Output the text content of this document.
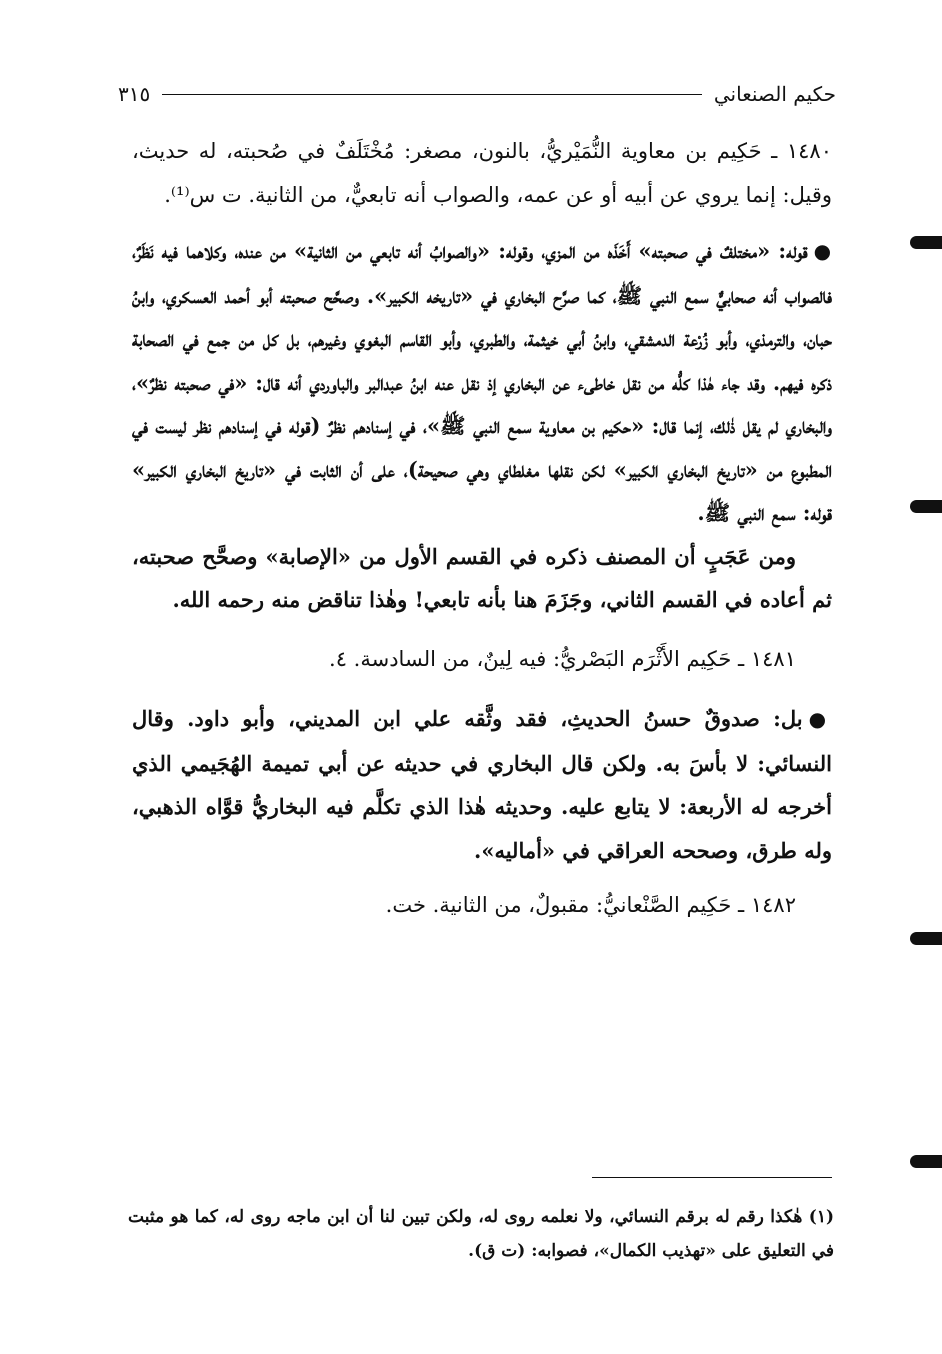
حكيم الصنعاني
٣١٥

١٤٨٠ ـ حَكِيم بن معاوية النُّمَيْريُّ، بالنون، مصغر: مُخْتَلَفٌ في صُحبته، له حديث، وقيل: إنما يروي عن أبيه أو عن عمه، والصواب أنه تابعيٌّ، من الثانية. ت س⁽¹⁾.

●قوله: «مختلفٌ في صحبته» أَخَذَه من المزي، وقوله: «والصوابُ أنه تابعي من الثانية» من عنده، وكلاهما فيه نَظَرٌ، فالصواب أنه صحابيٌّ سمع النبي ﷺ، كما صرَّح البخاري في «تاريخه الكبير». وصحَّح صحبته أبو أحمد العسكري، وابنُ حبان، والترمذي، وأبو زُرْعة الدمشقي، وابنُ أبي خيثمة، والطبري، وأبو القاسم البغوي وغيرهم، بل كل من جمع في الصحابة ذكره فيهم. وقد جاء هٰذا كلُّه من نقل خاطىء عن البخاري إذ نقل عنه ابنُ عبدالبر والباوردي أنه قال: «في صحبته نظرٌ»، والبخاري لم يقل ذٰلك، إنما قال: «حكيم بن معاوية سمع النبي ﷺ»، في إسنادهم نظرٌ (قوله في إسنادهم نظر ليست في المطبوع من «تاريخ البخاري الكبير» لكن نقلها مغلطاي وهي صحيحة)، على أن الثابت في «تاريخ البخاري الكبير» قوله: سمع النبي ﷺ.

ومن عَجَبٍ أن المصنف ذكره في القسم الأول من «الإصابة» وصحَّح صحبته، ثم أعاده في القسم الثاني، وجَزَمَ هنا بأنه تابعي! وهٰذا تناقض منه رحمه الله.

١٤٨١ ـ حَكِيم الأَثْرَم البَصْريُّ: فيه لِينٌ، من السادسة. ٤.

●بل: صدوقٌ حسنُ الحديثِ، فقد وثَّقه علي ابن المديني، وأبو داود. وقال النسائي: لا بأسَ به. ولكن قال البخاري في حديثه عن أبي تميمة الهُجَيمي الذي أخرجه له الأربعة: لا يتابع عليه. وحديثه هٰذا الذي تكلَّم فيه البخاريُّ قوَّاه الذهبي، وله طرق، وصححه العراقي في «أماليه».

١٤٨٢ ـ حَكِيم الصَّنْعانيُّ: مقبولٌ، من الثانية. خت.

(١) هٰكذا رقم له برقم النسائي، ولا نعلمه روى له، ولكن تبين لنا أن ابن ماجه روى له، كما هو مثبت في التعليق على «تهذيب الكمال»، فصوابه: (ت ق).
